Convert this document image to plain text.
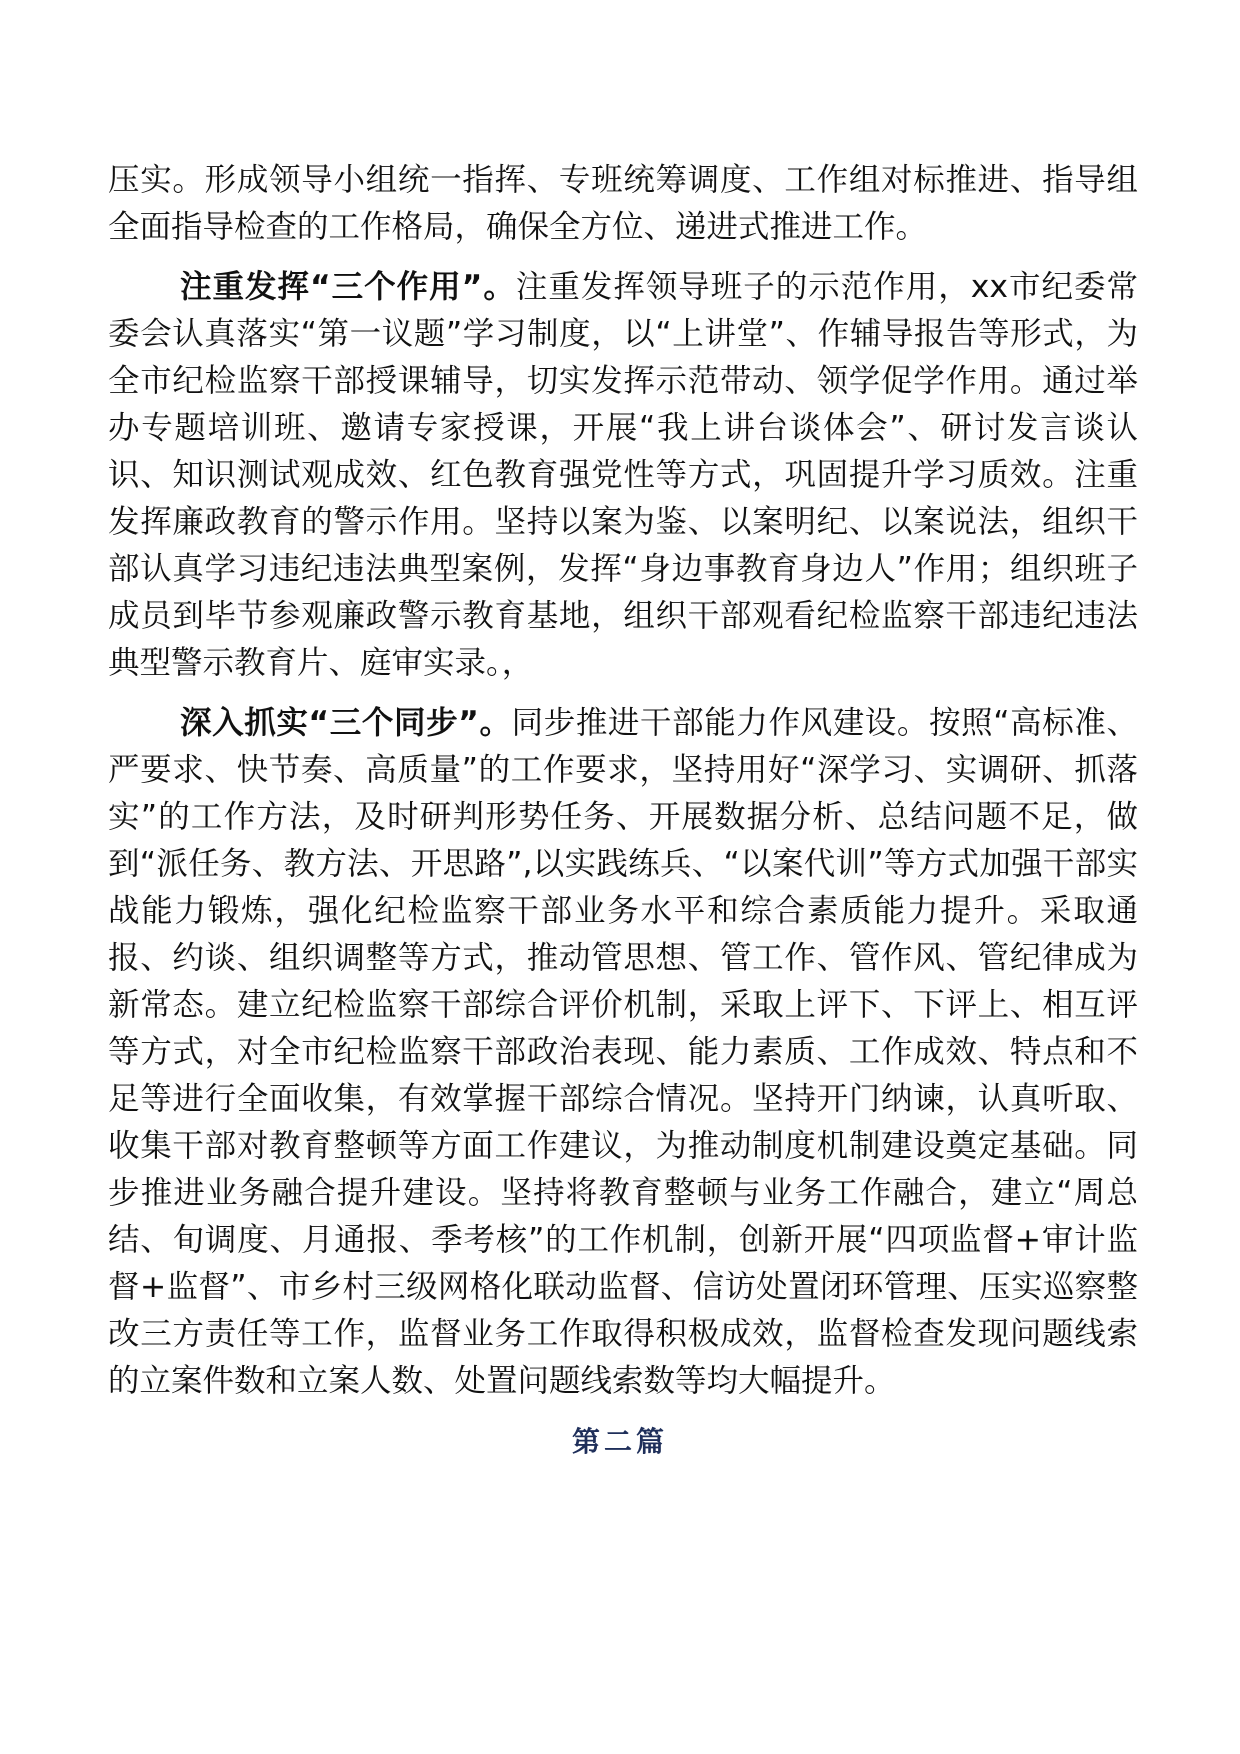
压实。形成领导小组统一指挥、专班统筹调度、工作组对标推进、指导组全面指导检查的工作格局，确保全方位、递进式推进工作。

注重发挥“三个作用”。注重发挥领导班子的示范作用，xx市纪委常委会认真落实“第一议题”学习制度，以“上讲堂”、作辅导报告等形式，为全市纪检监察干部授课辅导，切实发挥示范带动、领学促学作用。通过举办专题培训班、邀请专家授课，开展“我上讲台谈体会”、研讨发言谈认识、知识测试观成效、红色教育强党性等方式，巩固提升学习质效。注重发挥廉政教育的警示作用。坚持以案为鉴、以案明纪、以案说法，组织干部认真学习违纪违法典型案例，发挥“身边事教育身边人”作用；组织班子成员到毕节参观廉政警示教育基地，组织干部观看纪检监察干部违纪违法典型警示教育片、庭审实录。，

深入抓实“三个同步”。同步推进干部能力作风建设。按照“高标准、严要求、快节奏、高质量”的工作要求，坚持用好“深学习、实调研、抓落实”的工作方法，及时研判形势任务、开展数据分析、总结问题不足，做到“派任务、教方法、开思路”,以实践练兵、“以案代训”等方式加强干部实战能力锻炼，强化纪检监察干部业务水平和综合素质能力提升。采取通报、约谈、组织调整等方式，推动管思想、管工作、管作风、管纪律成为新常态。建立纪检监察干部综合评价机制，采取上评下、下评上、相互评等方式，对全市纪检监察干部政治表现、能力素质、工作成效、特点和不足等进行全面收集，有效掌握干部综合情况。坚持开门纳谏，认真听取、收集干部对教育整顿等方面工作建议，为推动制度机制建设奠定基础。同步推进业务融合提升建设。坚持将教育整顿与业务工作融合，建立“周总结、旬调度、月通报、季考核”的工作机制，创新开展“四项监督+审计监督+监督”、市乡村三级网格化联动监督、信访处置闭环管理、压实巡察整改三方责任等工作，监督业务工作取得积极成效，监督检查发现问题线索的立案件数和立案人数、处置问题线索数等均大幅提升。

第二篇
